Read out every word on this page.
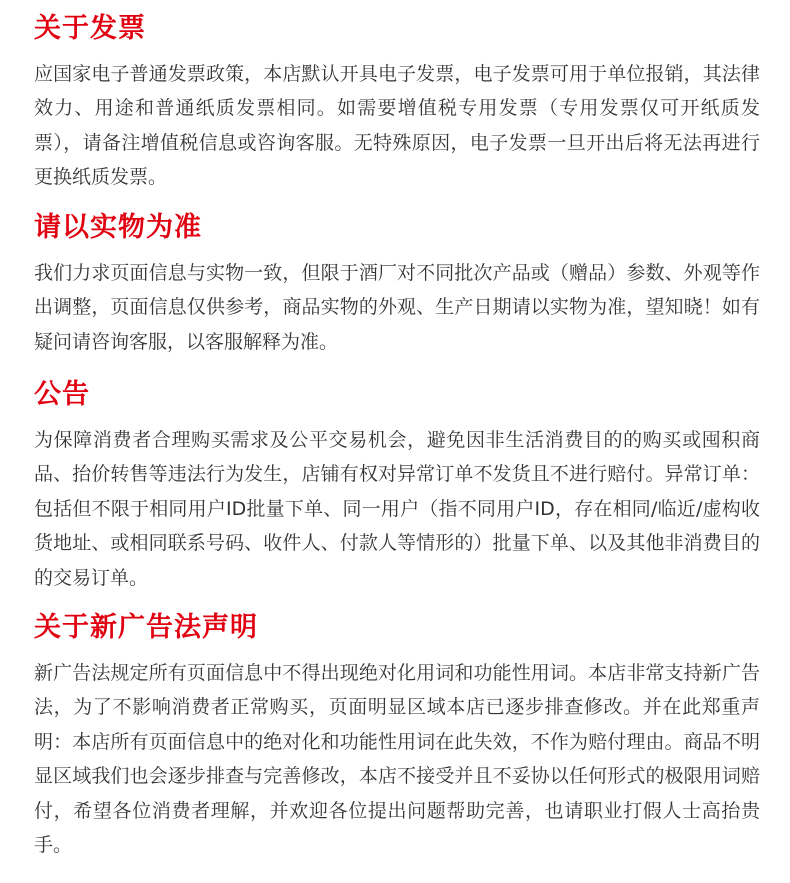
关于发票

应国家电子普通发票政策，本店默认开具电子发票，电子发票可用于单位报销，其法律效力、用途和普通纸质发票相同。如需要增值税专用发票（专用发票仅可开纸质发票），请备注增值税信息或咨询客服。无特殊原因，电子发票一旦开出后将无法再进行更换纸质发票。

请以实物为准

我们力求页面信息与实物一致，但限于酒厂对不同批次产品或（赠品）参数、外观等作出调整，页面信息仅供参考，商品实物的外观、生产日期请以实物为准，望知晓！如有疑问请咨询客服，以客服解释为准。

公告

为保障消费者合理购买需求及公平交易机会，避免因非生活消费目的的购买或囤积商品、抬价转售等违法行为发生，店铺有权对异常订单不发货且不进行赔付。异常订单：包括但不限于相同用户ID批量下单、同一用户（指不同用户ID，存在相同/临近/虚构收货地址、或相同联系号码、收件人、付款人等情形的）批量下单、以及其他非消费目的的交易订单。

关于新广告法声明

新广告法规定所有页面信息中不得出现绝对化用词和功能性用词。本店非常支持新广告法，为了不影响消费者正常购买，页面明显区域本店已逐步排查修改。并在此郑重声明：本店所有页面信息中的绝对化和功能性用词在此失效，不作为赔付理由。商品不明显区域我们也会逐步排查与完善修改，本店不接受并且不妥协以任何形式的极限用词赔付，希望各位消费者理解，并欢迎各位提出问题帮助完善，也请职业打假人士高抬贵手。
